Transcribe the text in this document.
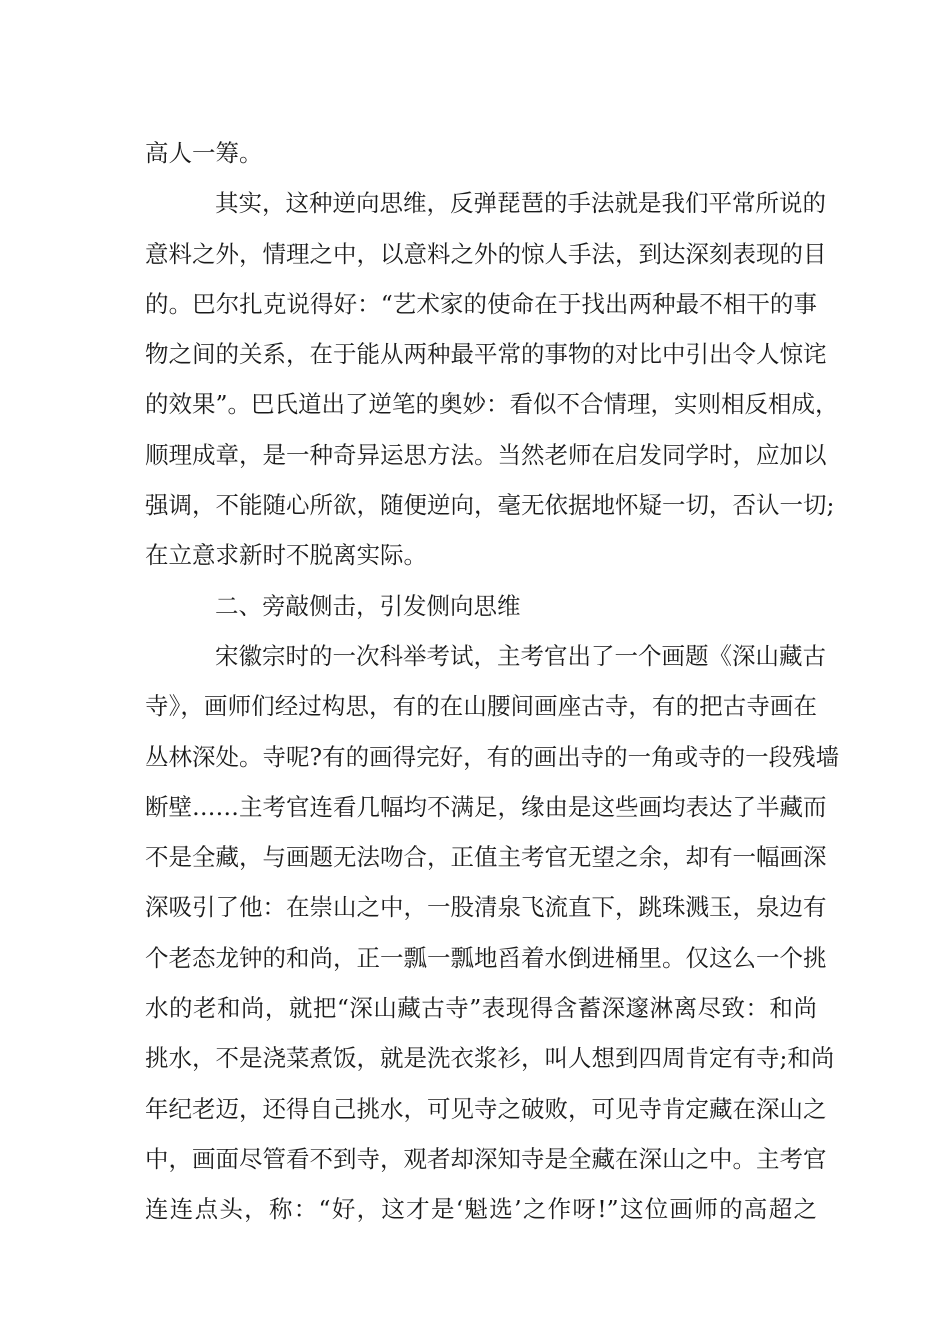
高人一筹。
其实，这种逆向思维，反弹琵琶的手法就是我们平常所说的
意料之外，情理之中，以意料之外的惊人手法，到达深刻表现的目
的。巴尔扎克说得好：“艺术家的使命在于找出两种最不相干的事
物之间的关系，在于能从两种最平常的事物的对比中引出令人惊诧
的效果”。巴氏道出了逆笔的奥妙：看似不合情理，实则相反相成，
顺理成章，是一种奇异运思方法。当然老师在启发同学时，应加以
强调，不能随心所欲，随便逆向，毫无依据地怀疑一切，否认一切;
在立意求新时不脱离实际。
二、旁敲侧击，引发侧向思维
宋徽宗时的一次科举考试，主考官出了一个画题《深山藏古
寺》，画师们经过构思，有的在山腰间画座古寺，有的把古寺画在
丛林深处。寺呢?有的画得完好，有的画出寺的一角或寺的一段残墙
断壁……主考官连看几幅均不满足，缘由是这些画均表达了半藏而
不是全藏，与画题无法吻合，正值主考官无望之余，却有一幅画深
深吸引了他：在崇山之中，一股清泉飞流直下，跳珠溅玉，泉边有
个老态龙钟的和尚，正一瓢一瓢地舀着水倒进桶里。仅这么一个挑
水的老和尚，就把“深山藏古寺”表现得含蓄深邃淋离尽致：和尚
挑水，不是浇菜煮饭，就是洗衣浆衫，叫人想到四周肯定有寺;和尚
年纪老迈，还得自己挑水，可见寺之破败，可见寺肯定藏在深山之
中，画面尽管看不到寺，观者却深知寺是全藏在深山之中。主考官
连连点头，称：“好，这才是‘魁选’之作呀!”这位画师的高超之
